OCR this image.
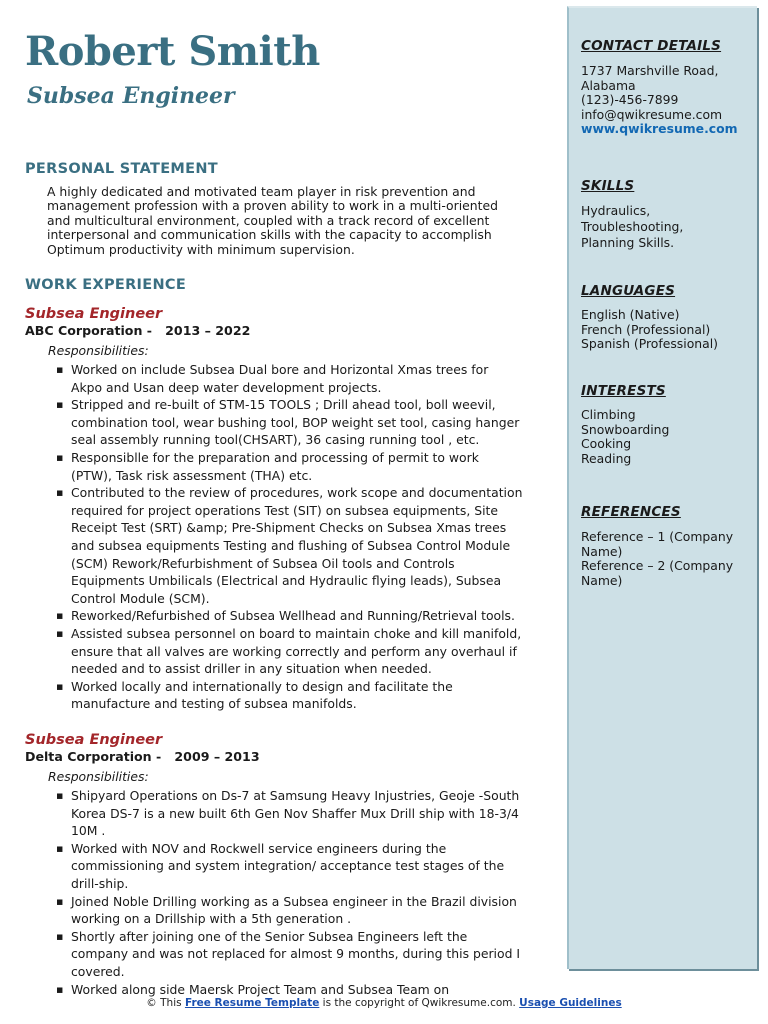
Robert Smith
Subsea Engineer
PERSONAL STATEMENT
A highly dedicated and motivated team player in risk prevention and
management profession with a proven ability to work in a multi-oriented
and multicultural environment, coupled with a track record of excellent
interpersonal and communication skills with the capacity to accomplish
Optimum productivity with minimum supervision.
WORK EXPERIENCE
Subsea Engineer
ABC Corporation -   2013 – 2022
Responsibilities:
▪ Worked on include Subsea Dual bore and Horizontal Xmas trees for
Akpo and Usan deep water development projects.
▪ Stripped and re-built of STM-15 TOOLS ; Drill ahead tool, boll weevil,
combination tool, wear bushing tool, BOP weight set tool, casing hanger
seal assembly running tool(CHSART), 36 casing running tool , etc.
▪ Responsiblle for the preparation and processing of permit to work
(PTW), Task risk assessment (THA) etc.
▪ Contributed to the review of procedures, work scope and documentation
required for project operations Test (SIT) on subsea equipments, Site
Receipt Test (SRT) &amp; Pre-Shipment Checks on Subsea Xmas trees
and subsea equipments Testing and flushing of Subsea Control Module
(SCM) Rework/Refurbishment of Subsea Oil tools and Controls
Equipments Umbilicals (Electrical and Hydraulic flying leads), Subsea
Control Module (SCM).
▪ Reworked/Refurbished of Subsea Wellhead and Running/Retrieval tools.
▪ Assisted subsea personnel on board to maintain choke and kill manifold,
ensure that all valves are working correctly and perform any overhaul if
needed and to assist driller in any situation when needed.
▪ Worked locally and internationally to design and facilitate the
manufacture and testing of subsea manifolds.
Subsea Engineer
Delta Corporation -   2009 – 2013
Responsibilities:
▪ Shipyard Operations on Ds-7 at Samsung Heavy Injustries, Geoje -South
Korea DS-7 is a new built 6th Gen Nov Shaffer Mux Drill ship with 18-3/4
10M .
▪ Worked with NOV and Rockwell service engineers during the
commissioning and system integration/ acceptance test stages of the
drill-ship.
▪ Joined Noble Drilling working as a Subsea engineer in the Brazil division
working on a Drillship with a 5th generation .
▪ Shortly after joining one of the Senior Subsea Engineers left the
company and was not replaced for almost 9 months, during this period I
covered.
▪ Worked along side Maersk Project Team and Subsea Team on
CONTACT DETAILS
1737 Marshville Road,
Alabama
(123)-456-7899
info@qwikresume.com
www.qwikresume.com
SKILLS
Hydraulics,
Troubleshooting,
Planning Skills.
LANGUAGES
English (Native)
French (Professional)
Spanish (Professional)
INTERESTS
Climbing
Snowboarding
Cooking
Reading
REFERENCES
Reference – 1 (Company
Name)
Reference – 2 (Company
Name)
© This Free Resume Template is the copyright of Qwikresume.com. Usage Guidelines
